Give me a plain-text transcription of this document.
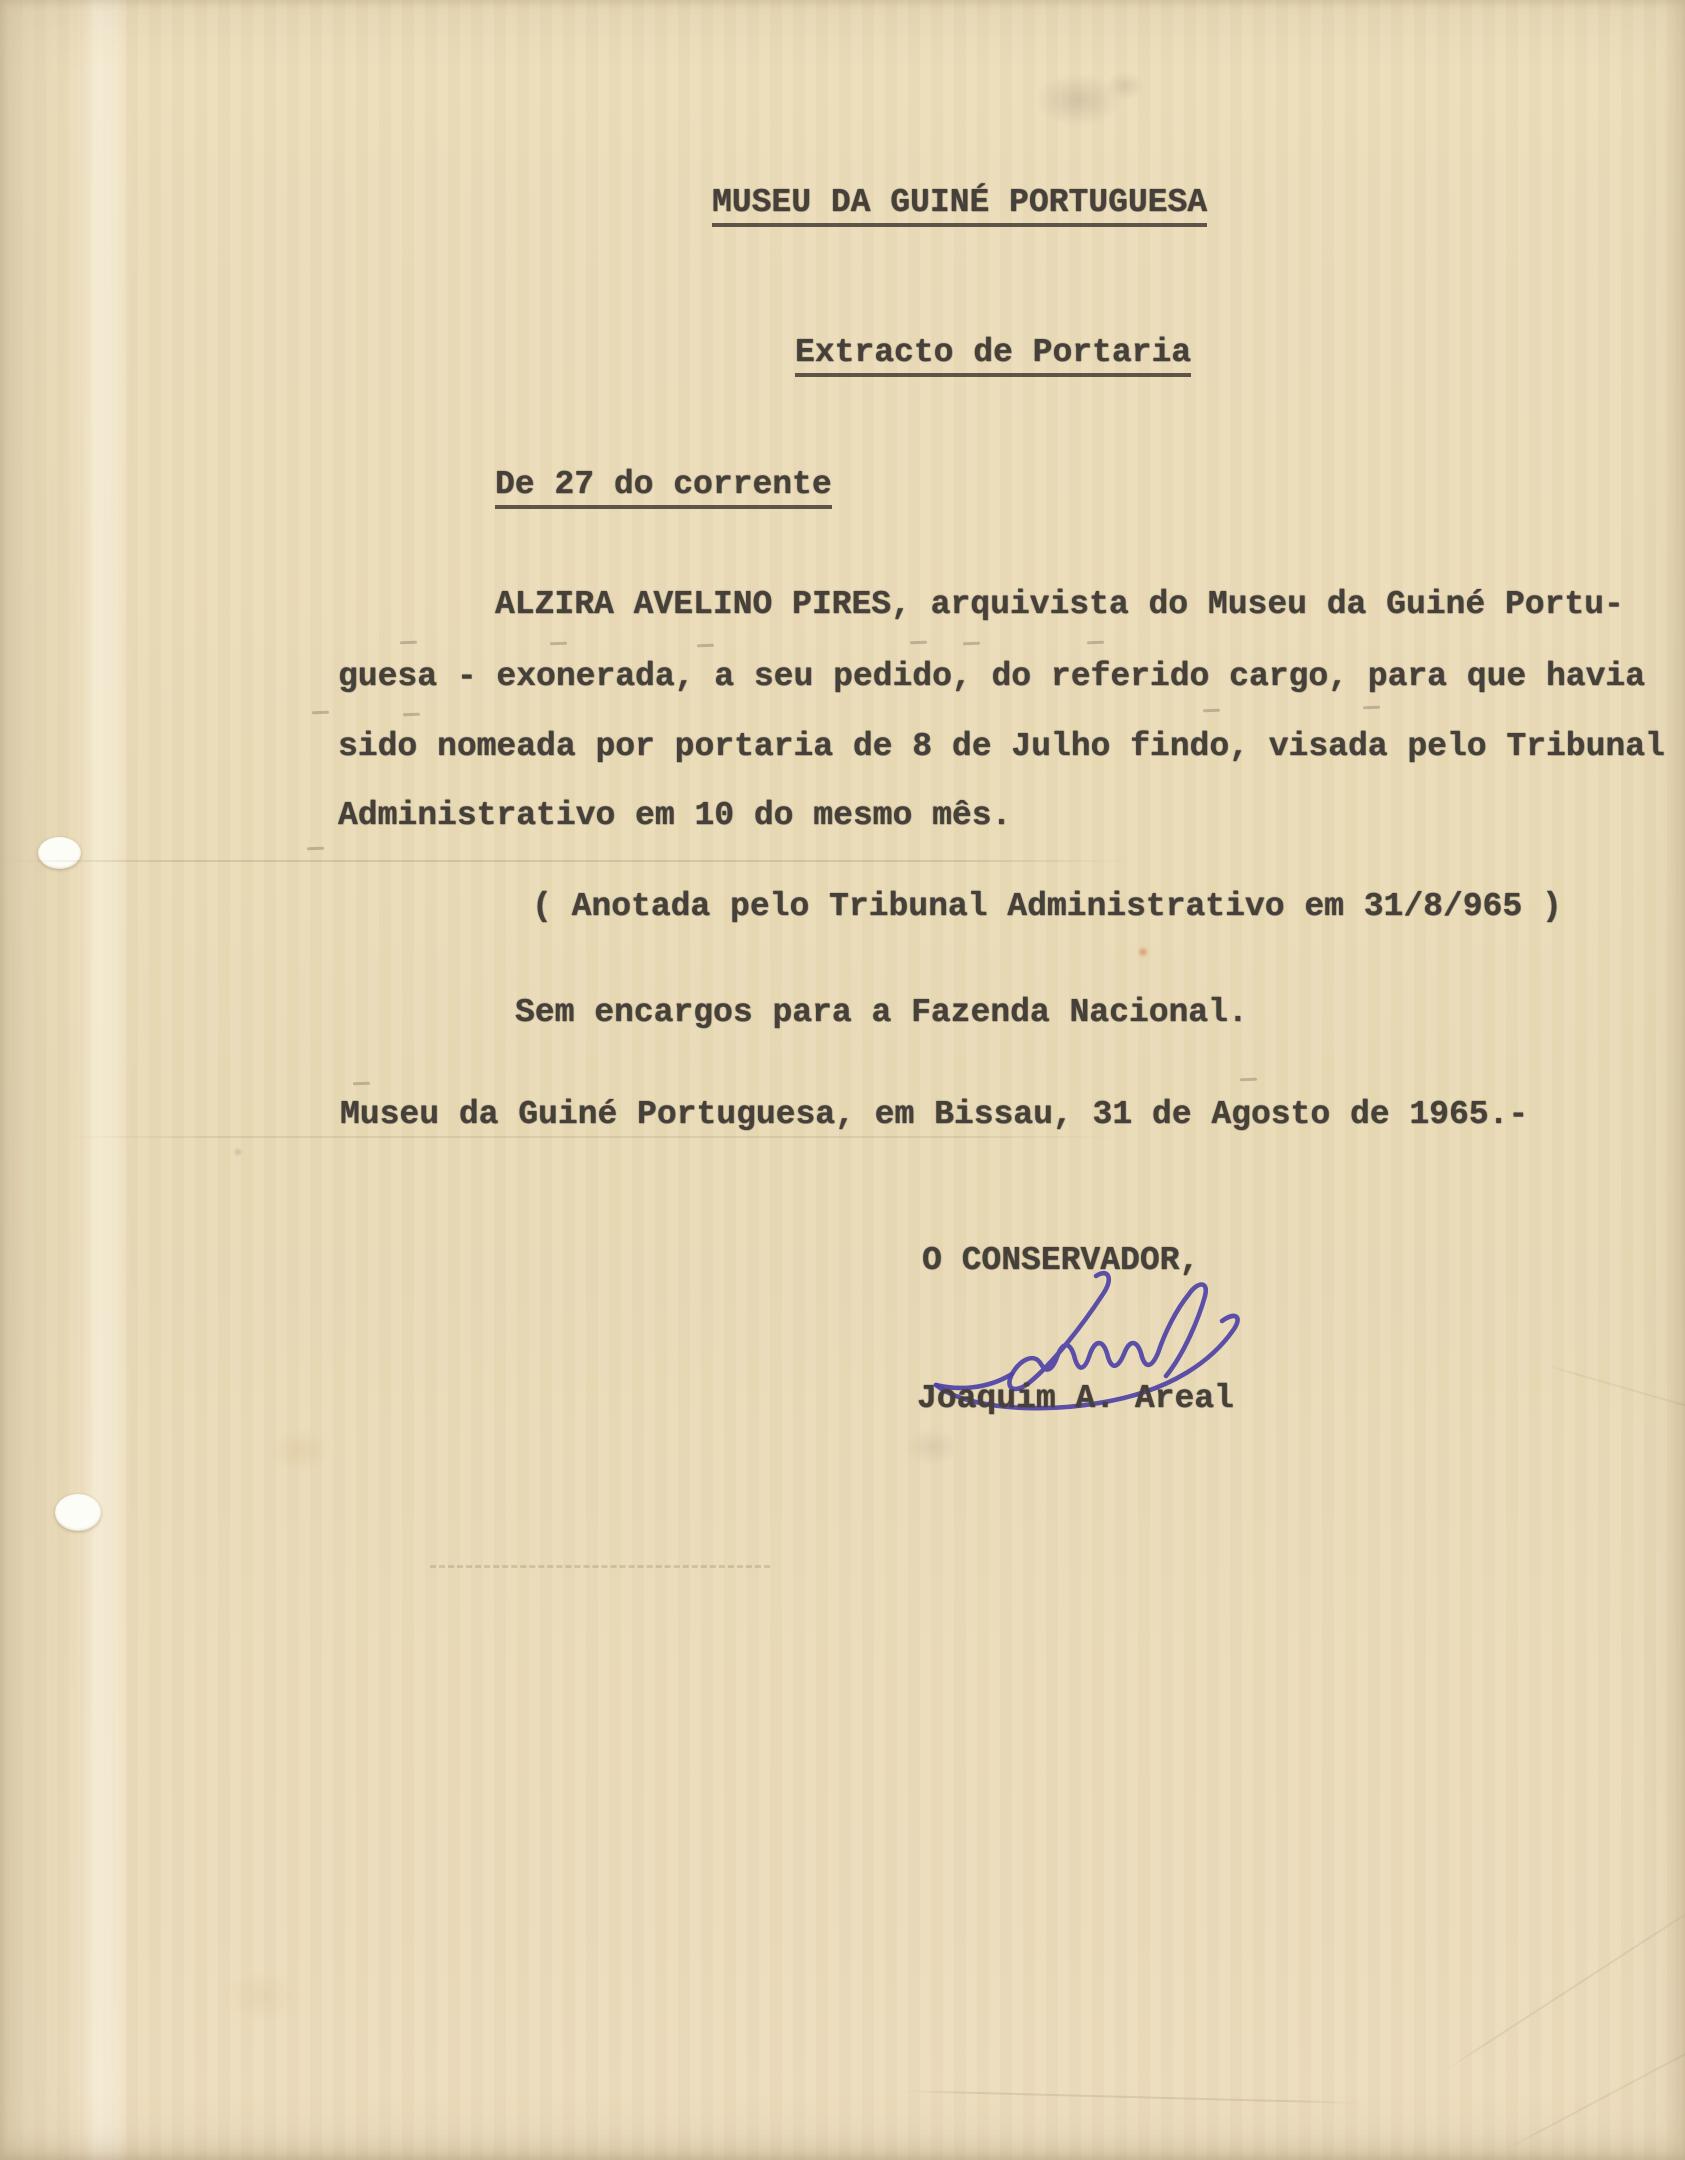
MUSEU DA GUINÉ PORTUGUESA
Extracto de Portaria
De 27 do corrente
ALZIRA AVELINO PIRES, arquivista do Museu da Guiné Portu-
guesa - exonerada, a seu pedido, do referido cargo, para que havia
sido nomeada por portaria de 8 de Julho findo, visada pelo Tribunal
Administrativo em 10 do mesmo mês.
( Anotada pelo Tribunal Administrativo em 31/8/965 )
Sem encargos para a Fazenda Nacional.
Museu da Guiné Portuguesa, em Bissau, 31 de Agosto de 1965.-
O CONSERVADOR,
Joaquim A. Areal
